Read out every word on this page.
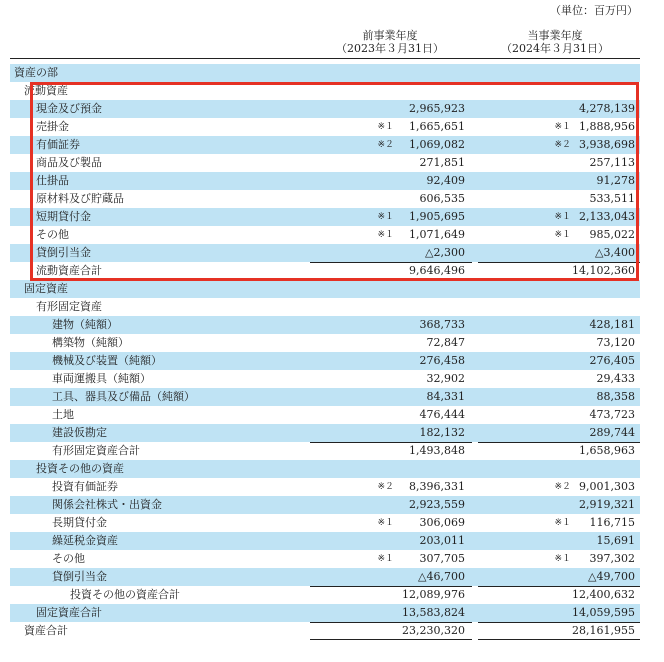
（単位：百万円）
前事業年度
（2023年３月31日）
当事業年度
（2024年３月31日）
資産の部
流動資産
現金及び預金	2,965,923	4,278,139
売掛金	※１	1,665,651	※１ 1,888,956
有価証券	※２	1,069,082	※２ 3,938,698
商品及び製品	271,851	257,113
仕掛品	92,409	91,278
原材料及び貯蔵品	606,535	533,511
短期貸付金	※１	1,905,695	※１ 2,133,043
その他	※１	1,071,649	※１	985,022
貸倒引当金	△2,300	△3,400
流動資産合計	9,646,496	14,102,360
固定資産
有形固定資産
建物（純額）	368,733	428,181
構築物（純額）	72,847	73,120
機械及び装置（純額）	276,458	276,405
車両運搬具（純額）	32,902	29,433
工具、器具及び備品（純額）	84,331	88,358
土地	476,444	473,723
建設仮勘定	182,132	289,744
有形固定資産合計	1,493,848	1,658,963
投資その他の資産
投資有価証券	※２	8,396,331	※２ 9,001,303
関係会社株式・出資金	2,923,559	2,919,321
長期貸付金	※１	306,069	※１	116,715
繰延税金資産	203,011	15,691
その他	※１	307,705	※１	397,302
貸倒引当金	△46,700	△49,700
投資その他の資産合計	12,089,976	12,400,632
固定資産合計	13,583,824	14,059,595
資産合計	23,230,320	28,161,955
